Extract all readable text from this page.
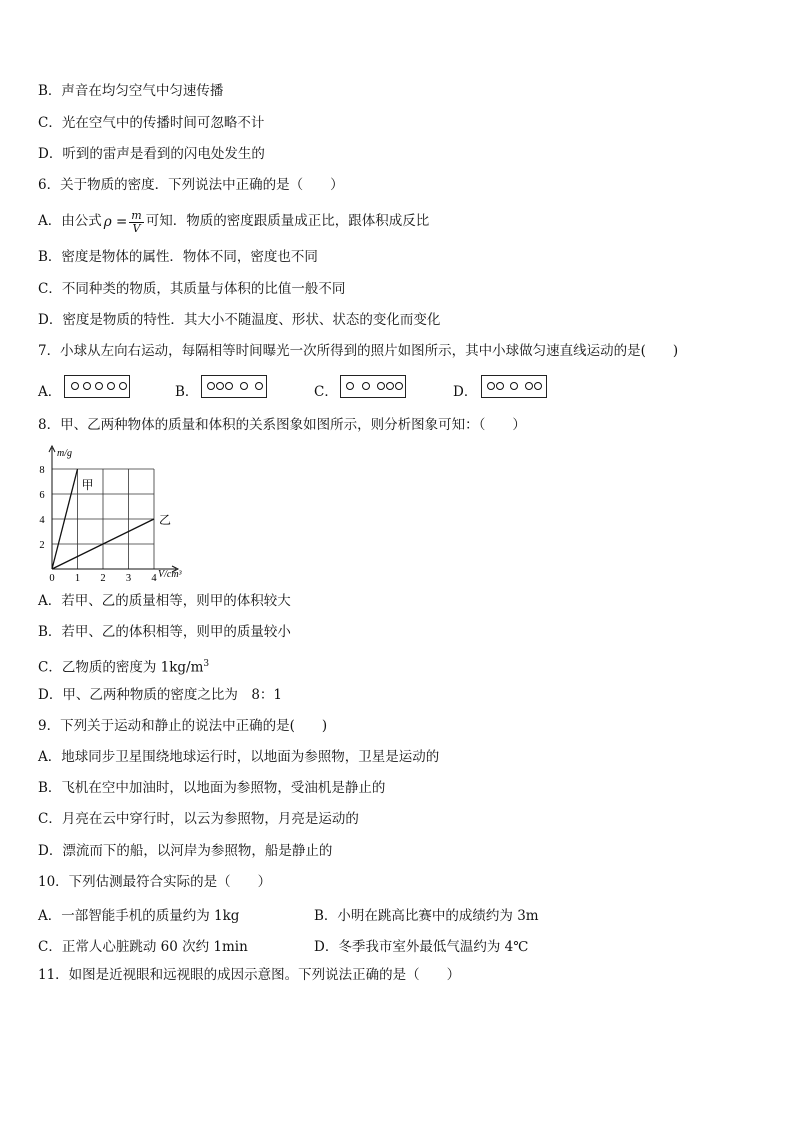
B．声音在均匀空气中匀速传播
C．光在空气中的传播时间可忽略不计
D．听到的雷声是看到的闪电处发生的
6．关于物质的密度．下列说法中正确的是（　　）
A．由公式 $\rho = \frac{m}{V}$ 可知．物质的密度跟质量成正比，跟体积成反比
B．密度是物体的属性．物体不同，密度也不同
C．不同种类的物质，其质量与体积的比值一般不同
D．密度是物质的特性．其大小不随温度、形状、状态的变化而变化
7．小球从左向右运动，每隔相等时间曝光一次所得到的照片如图所示，其中小球做匀速直线运动的是(　　)
A．	B．	C．	D．
8．甲、乙两种物体的质量和体积的关系图象如图所示，则分析图象可知：（　　）
0 1 2 3 4
2
4
6
8
甲
乙
m/g
V/cm³
A．若甲、乙的质量相等，则甲的体积较大
B．若甲、乙的体积相等，则甲的质量较小
C．乙物质的密度为 $1kg/m^3$
D．甲、乙两种物质的密度之比为　8：1
9．下列关于运动和静止的说法中正确的是(　　)
A．地球同步卫星围绕地球运行时，以地面为参照物，卫星是运动的
B．飞机在空中加油时，以地面为参照物，受油机是静止的
C．月亮在云中穿行时，以云为参照物，月亮是运动的
D．漂流而下的船，以河岸为参照物，船是静止的
10．下列估测最符合实际的是（　　）
A．一部智能手机的质量约为 1kg	B．小明在跳高比赛中的成绩约为 3m
C．正常人心脏跳动 60 次约 1min	D．冬季我市室外最低气温约为 4℃
11．如图是近视眼和远视眼的成因示意图。下列说法正确的是（　　）
